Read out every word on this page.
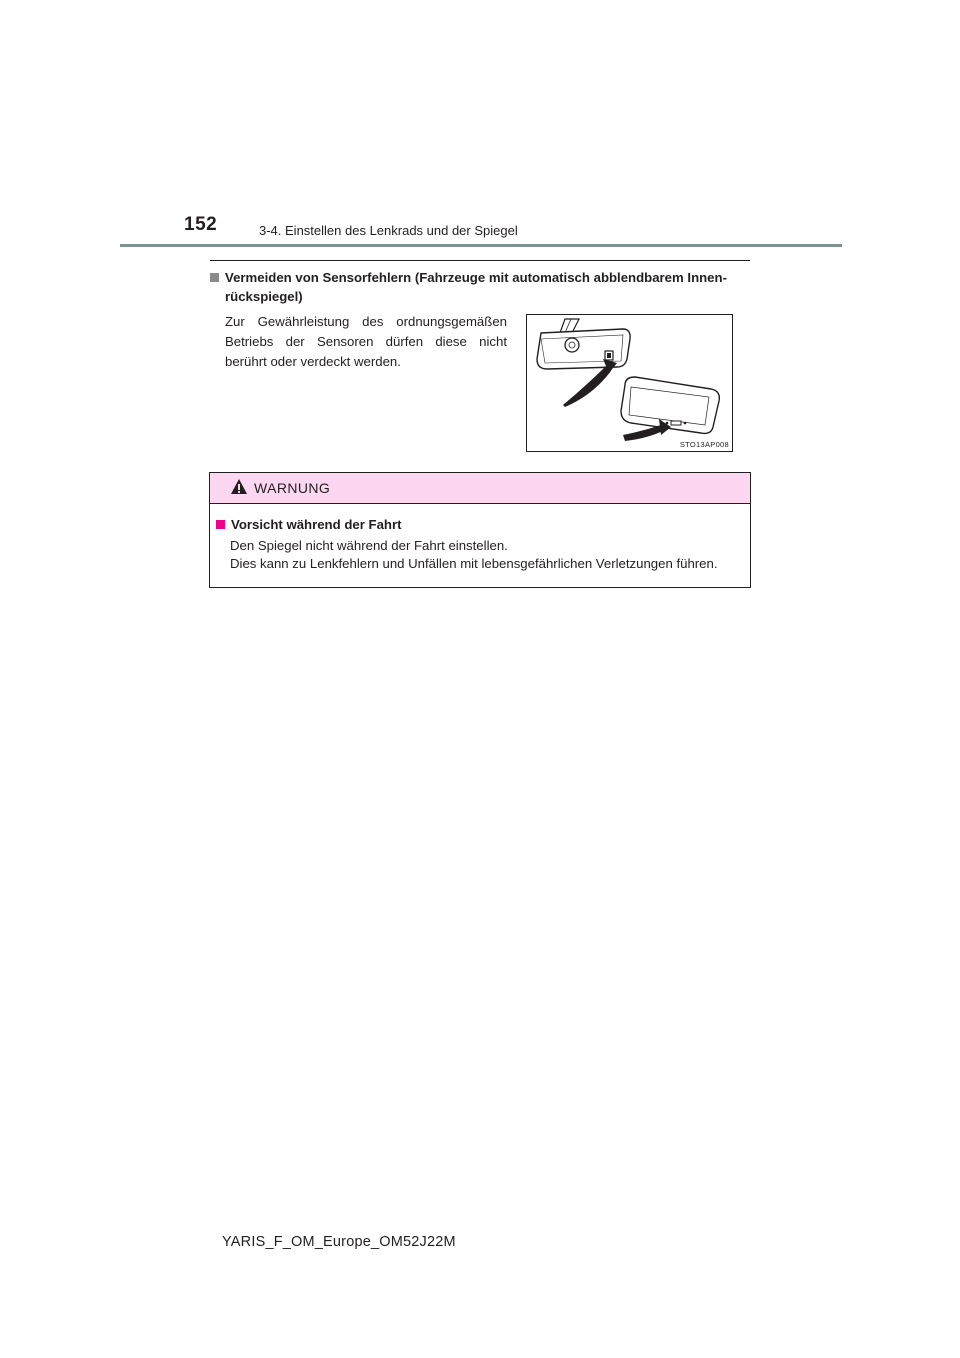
152	3-4. Einstellen des Lenkrads und der Spiegel
Vermeiden von Sensorfehlern (Fahrzeuge mit automatisch abblendbarem Innen-
rückspiegel)
Zur Gewährleistung des ordnungsgemäßen Betriebs der Sensoren dürfen diese nicht berührt oder verdeckt werden.
STO13AP008
WARNUNG
Vorsicht während der Fahrt
Den Spiegel nicht während der Fahrt einstellen.
Dies kann zu Lenkfehlern und Unfällen mit lebensgefährlichen Verletzungen führen.
YARIS_F_OM_Europe_OM52J22M
